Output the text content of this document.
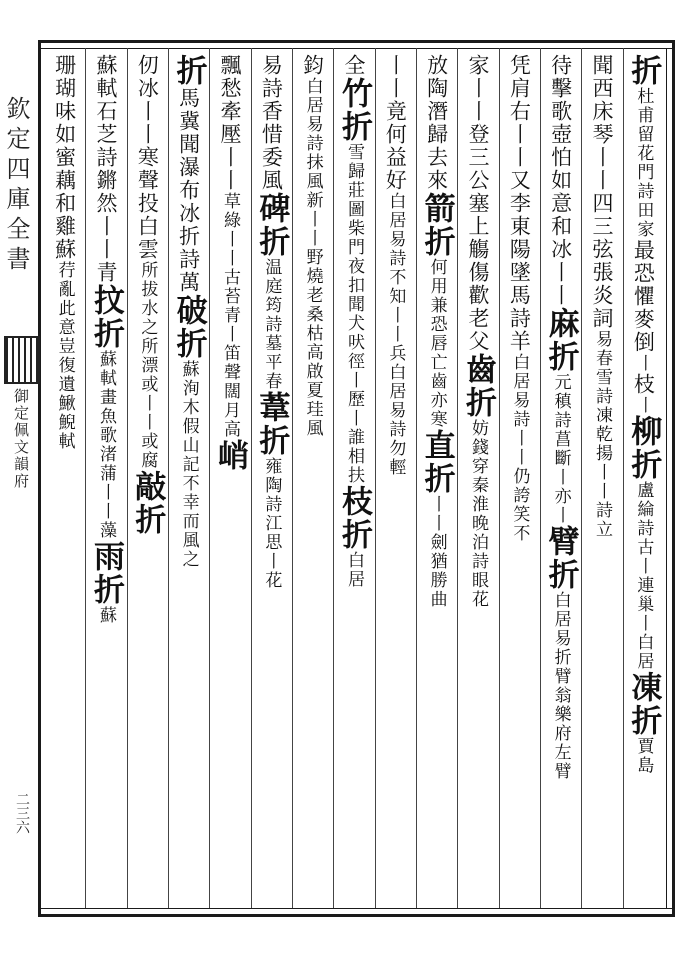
欽定四庫全書
御定佩文韻府
二三六
折杜甫留花門詩田家最恐懼麥倒丨枝丨柳折盧綸詩古丨連巢丨白居凍折賈島
聞西床琴丨丨四三弦張炎詞易春雪詩凍乾揚丨丨詩立
待擊歌壺怕如意和冰丨丨麻折元稹詩菖斷丨亦丨臂折白居易折臂翁樂府左臂
凭肩右丨丨又李東陽墜馬詩羊白居易詩丨丨仍誇笑不
家丨丨登三公塞上觴傷歡老父齒折妨錢穿秦淮晚泊詩眼花
放陶潛歸去來箭折何用兼恐唇亡齒亦寒直折丨丨劍猶勝曲
丨丨竟何益好白居易詩不知丨丨兵白居易詩勿輕
全竹折雪歸莊圖柴門夜扣聞犬吠徑丨歷丨誰相扶枝折白居
鈞白居易詩抹風新丨丨野燒老桑枯高啟夏珪風
易詩香惜委風碑折温庭筠詩墓平春葦折雍陶詩江思丨花
飄愁牽壓丨丨草綠丨丨古苔青丨笛聲闊月高峭
折馬冀聞瀑布冰折詩萬破折蘇洵木假山記不幸而風之
仞冰丨丨寒聲投白雲所拔水之所漂或丨丨或腐敲折
蘇軾石芝詩鏘然丨丨青抆折蘇軾畫魚歌渚蒲丨丨藻雨折蘇
珊瑚味如蜜藕和雞蘇荇亂此意豈復遺鰍鯢軾
